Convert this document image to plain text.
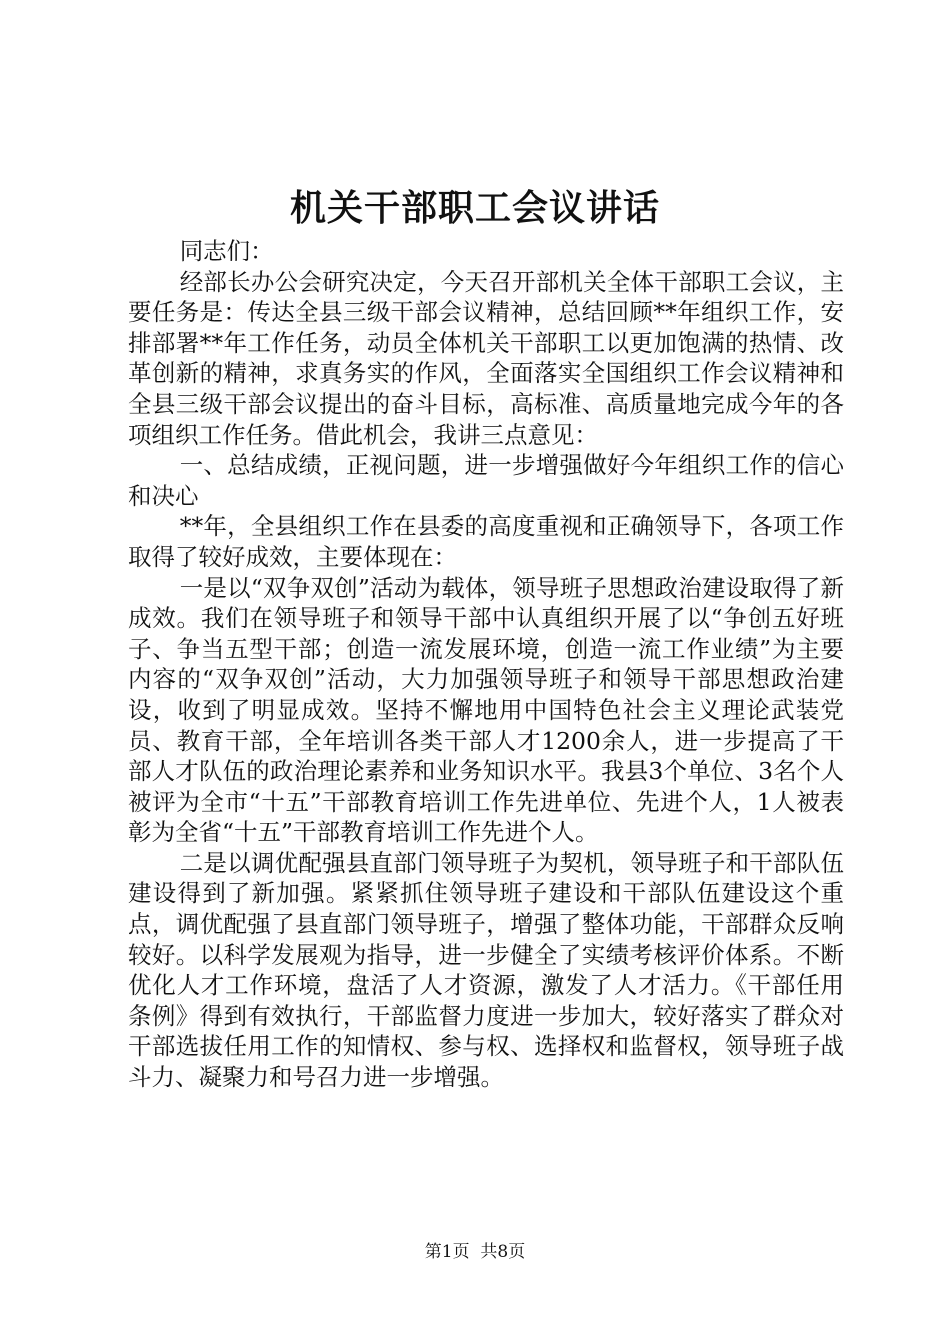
机关干部职工会议讲话

同志们：

经部长办公会研究决定，今天召开部机关全体干部职工会议，主要任务是：传达全县三级干部会议精神，总结回顾**年组织工作，安排部署**年工作任务，动员全体机关干部职工以更加饱满的热情、改革创新的精神，求真务实的作风，全面落实全国组织工作会议精神和全县三级干部会议提出的奋斗目标，高标准、高质量地完成今年的各项组织工作任务。借此机会，我讲三点意见：

一、总结成绩，正视问题，进一步增强做好今年组织工作的信心和决心

**年，全县组织工作在县委的高度重视和正确领导下，各项工作取得了较好成效，主要体现在：

一是以“双争双创”活动为载体，领导班子思想政治建设取得了新成效。我们在领导班子和领导干部中认真组织开展了以“争创五好班子、争当五型干部；创造一流发展环境，创造一流工作业绩”为主要内容的“双争双创”活动，大力加强领导班子和领导干部思想政治建设，收到了明显成效。坚持不懈地用中国特色社会主义理论武装党员、教育干部，全年培训各类干部人才1200余人，进一步提高了干部人才队伍的政治理论素养和业务知识水平。我县3个单位、3名个人被评为全市“十五”干部教育培训工作先进单位、先进个人，1人被表彰为全省“十五”干部教育培训工作先进个人。

二是以调优配强县直部门领导班子为契机，领导班子和干部队伍建设得到了新加强。紧紧抓住领导班子建设和干部队伍建设这个重点，调优配强了县直部门领导班子，增强了整体功能，干部群众反响较好。以科学发展观为指导，进一步健全了实绩考核评价体系。不断优化人才工作环境，盘活了人才资源，激发了人才活力。《干部任用条例》得到有效执行，干部监督力度进一步加大，较好落实了群众对干部选拔任用工作的知情权、参与权、选择权和监督权，领导班子战斗力、凝聚力和号召力进一步增强。

第1页  共8页
